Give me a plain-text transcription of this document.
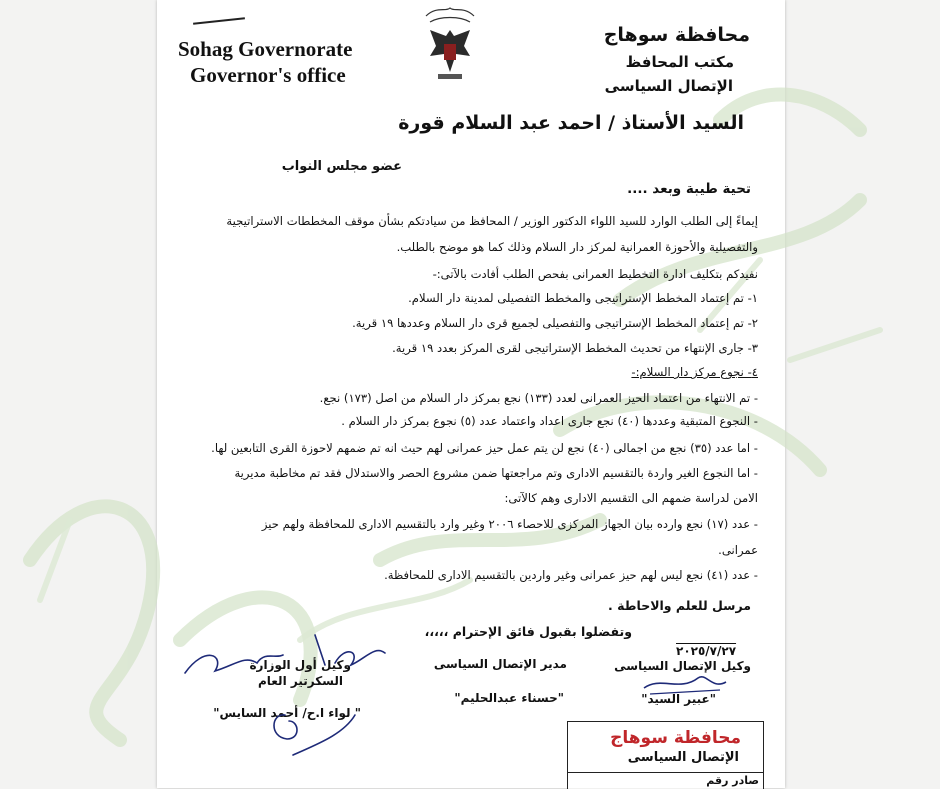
Sohag Governorate
Governor's office
محافظة سوهاج
مكتب المحافظ
الإتصال السياسى
السيد الأستاذ / احمد عبد السلام قورة
عضو مجلس النواب
تحية طيبة وبعد ....
إيماءً إلى الطلب الوارد للسيد اللواء الدكتور الوزير / المحافظ من سيادتكم بشأن موقف المخططات الاستراتيجية
والتفصيلية والأحوزة العمرانية لمركز دار السلام وذلك كما هو موضح بالطلب.
نفيدكم بتكليف ادارة التخطيط العمرانى بفحص الطلب أفادت بالآتى:-
١- تم إعتماد المخطط الإستراتيجى والمخطط التفصيلى لمدينة دار السلام.
٢- تم إعتماد المخطط الإستراتيجى والتفصيلى لجميع قرى دار السلام وعددها ١٩ قرية.
٣- جارى الإنتهاء من تحديث المخطط الإستراتيجى لقرى المركز بعدد ١٩ قرية.
٤- نجوع مركز دار السلام:-
- تم الانتهاء من اعتماد الحيز العمرانى لعدد (١٣٣) نجع بمركز دار السلام من اصل (١٧٣) نجع.
- النجوع المتبقية وعددها (٤٠) نجع جارى اعداد واعتماد عدد (٥) نجوع بمركز دار السلام .
- اما عدد (٣٥) نجع من اجمالى (٤٠) نجع لن يتم عمل حيز عمرانى لهم حيث انه تم ضمهم لاحوزة القرى التابعين لها.
- اما النجوع الغير واردة بالتقسيم الادارى وتم مراجعتها ضمن مشروع الحصر والاستدلال فقد تم مخاطبة مديرية
الامن لدراسة ضمهم الى التقسيم الادارى وهم كالآتى:
- عدد (١٧) نجع وارده بيان الجهاز المركزى للاحصاء ٢٠٠٦ وغير وارد بالتقسيم الادارى للمحافظة ولهم حيز
عمرانى.
- عدد (٤١) نجع ليس لهم حيز عمرانى وغير واردين بالتقسيم الادارى للمحافظة.
مرسل للعلم والاحاطة .
وتفضلوا بقبول فائق الإحترام ،،،،،
٢٠٢٥/٧/٢٧
وكيل الإتصال السياسى
"عبير السيد"
مدير الإتصال السياسى
"حسناء عبدالحليم"
وكيل أول الوزارة
السكرتير العام
" لواء ا.ح/ أحمد السايس"
محافظة سوهاج
الإتصال السياسى
صادر رقم
